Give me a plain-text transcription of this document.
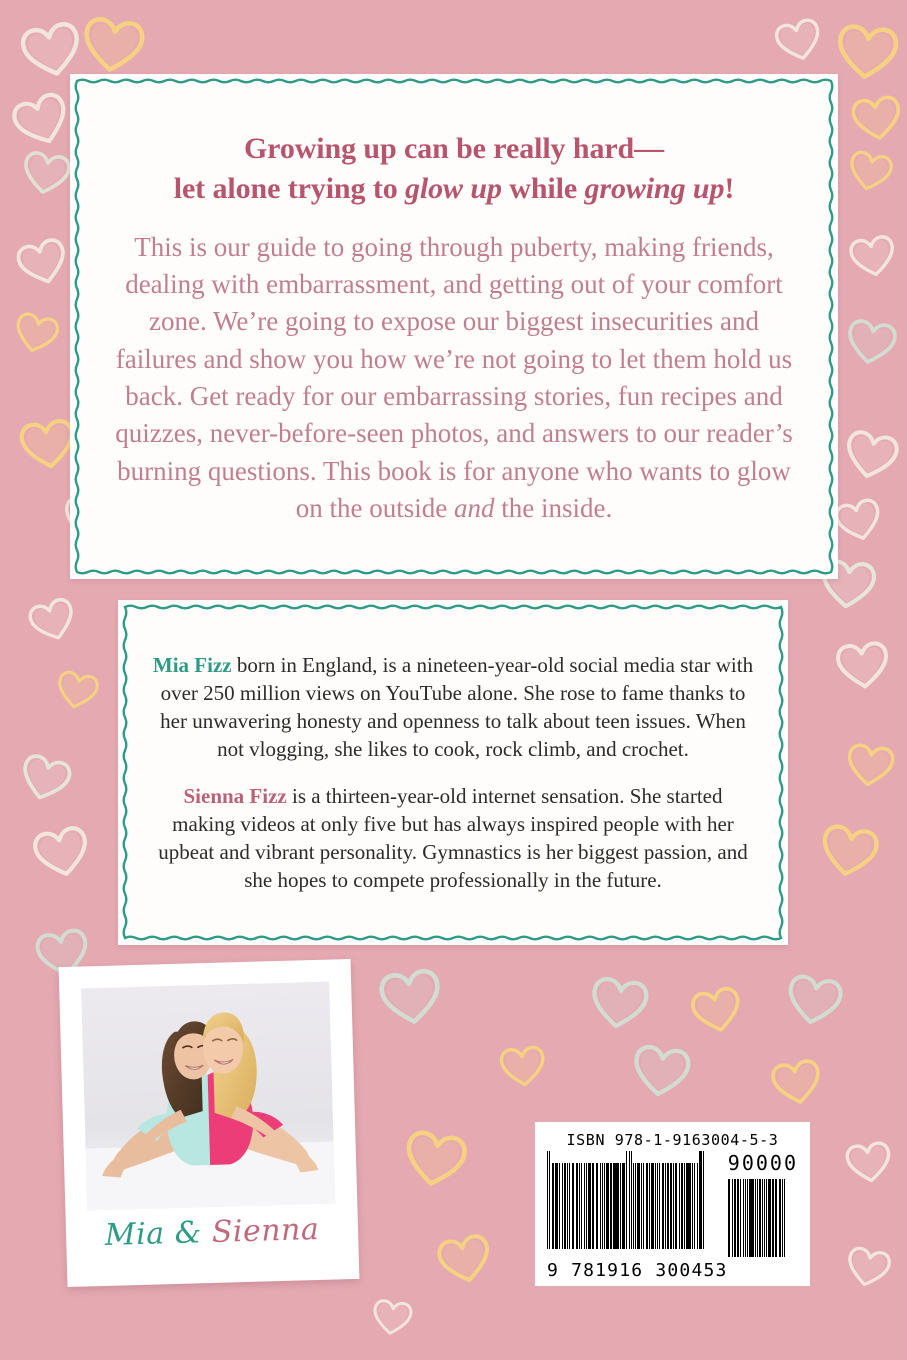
Growing up can be really hard—
let alone trying to glow up while growing up!

This is our guide to going through puberty, making friends, dealing with embarrassment, and getting out of your comfort zone. We’re going to expose our biggest insecurities and failures and show you how we’re not going to let them hold us back. Get ready for our embarrassing stories, fun recipes and quizzes, never-before-seen photos, and answers to our reader’s burning questions. This book is for anyone who wants to glow on the outside and the inside.

Mia Fizz born in England, is a nineteen-year-old social media star with over 250 million views on YouTube alone. She rose to fame thanks to her unwavering honesty and openness to talk about teen issues. When not vlogging, she likes to cook, rock climb, and crochet.

Sienna Fizz is a thirteen-year-old internet sensation. She started making videos at only five but has always inspired people with her upbeat and vibrant personality. Gymnastics is her biggest passion, and she hopes to compete professionally in the future.

Mia & Sienna
ISBN 978-1-9163004-5-3
90000
9 781916 300453
